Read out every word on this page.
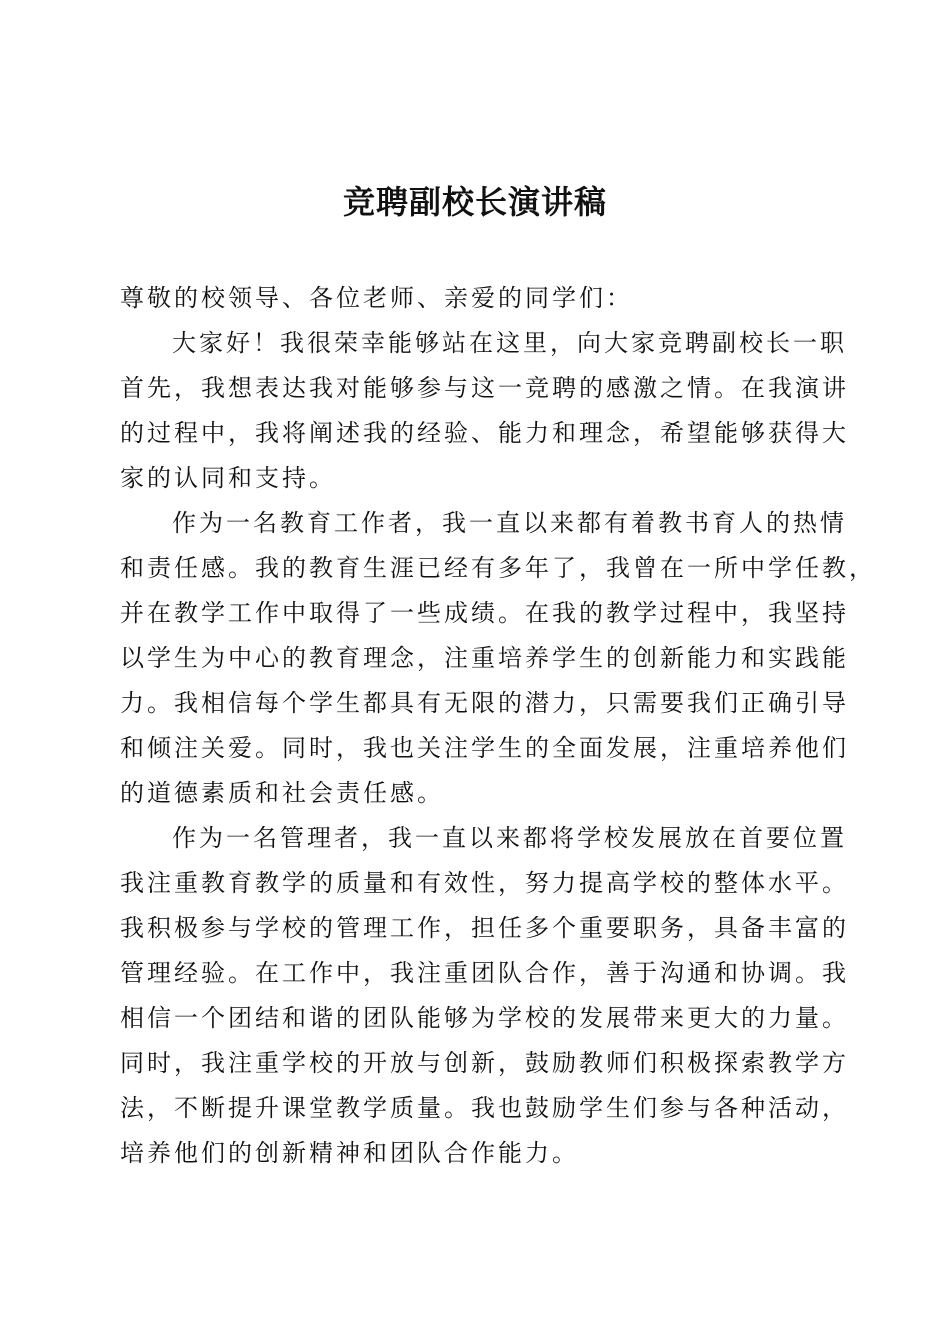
竞聘副校长演讲稿
尊敬的校领导、各位老师、亲爱的同学们：
大家好！我很荣幸能够站在这里，向大家竞聘副校长一职
首先，我想表达我对能够参与这一竞聘的感激之情。在我演讲
的过程中，我将阐述我的经验、能力和理念，希望能够获得大
家的认同和支持。
作为一名教育工作者，我一直以来都有着教书育人的热情
和责任感。我的教育生涯已经有多年了，我曾在一所中学任教，
并在教学工作中取得了一些成绩。在我的教学过程中，我坚持
以学生为中心的教育理念，注重培养学生的创新能力和实践能
力。我相信每个学生都具有无限的潜力，只需要我们正确引导
和倾注关爱。同时，我也关注学生的全面发展，注重培养他们
的道德素质和社会责任感。
作为一名管理者，我一直以来都将学校发展放在首要位置
我注重教育教学的质量和有效性，努力提高学校的整体水平。
我积极参与学校的管理工作，担任多个重要职务，具备丰富的
管理经验。在工作中，我注重团队合作，善于沟通和协调。我
相信一个团结和谐的团队能够为学校的发展带来更大的力量。
同时，我注重学校的开放与创新，鼓励教师们积极探索教学方
法，不断提升课堂教学质量。我也鼓励学生们参与各种活动，
培养他们的创新精神和团队合作能力。
